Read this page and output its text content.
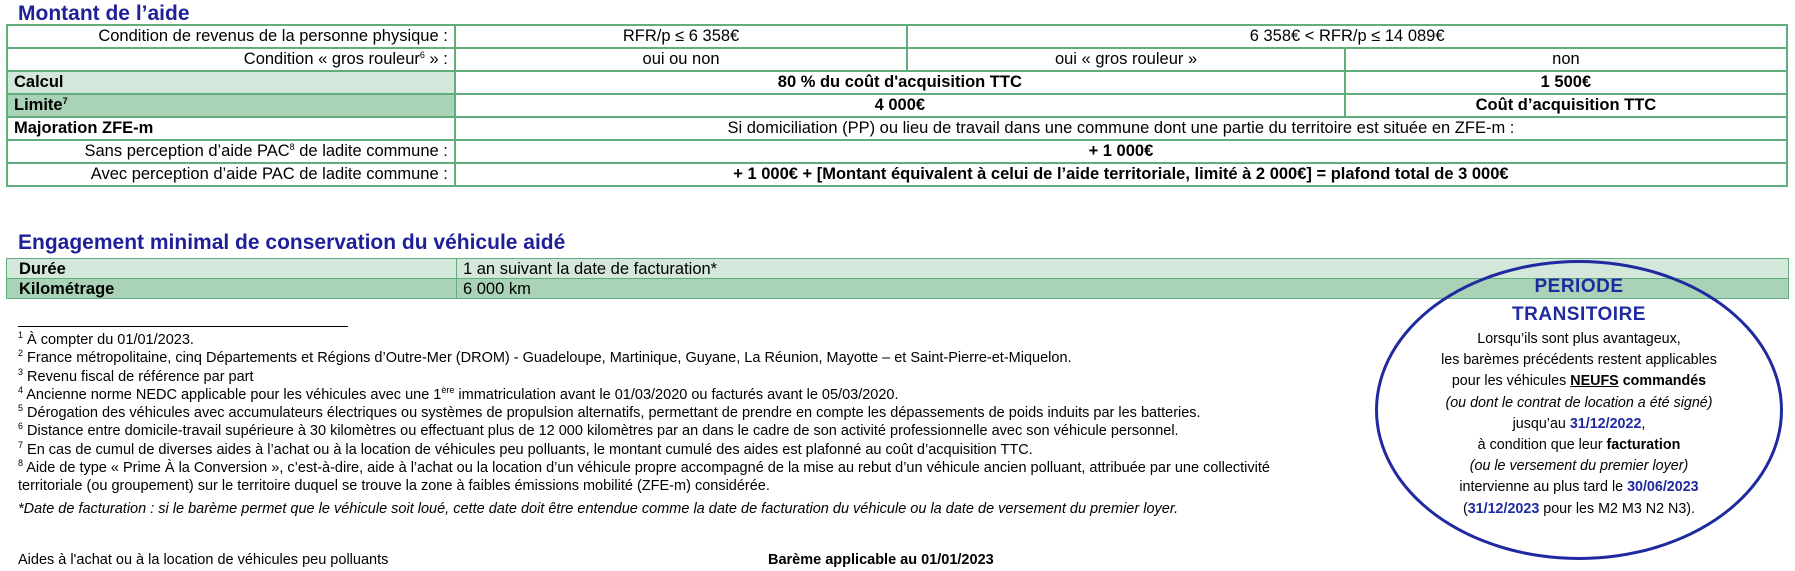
Montant de l’aide
Condition de revenus de la personne physique :	RFR/p ≤ 6 358€	6 358€ < RFR/p ≤ 14 089€	
Condition « gros rouleur$^6$ » :	oui ou non	oui « gros rouleur »	non
Calcul	80 % du coût d'acquisition TTC		1 500€
Limite$^7$	4 000€		Coût d’acquisition TTC
Majoration ZFE-m	Si domiciliation (PP) ou lieu de travail dans une commune dont une partie du territoire est située en ZFE-m :		
Sans perception d’aide PAC$^8$ de ladite commune :	+ 1 000€		
Avec perception d’aide PAC de ladite commune :	+ 1 000€ + [Montant équivalent à celui de l’aide territoriale, limité à 2 000€] = plafond total de 3 000€		
Engagement minimal de conservation du véhicule aidé
Durée	1 an suivant la date de facturation*
Kilométrage	6 000 km
$^1$ À compter du 01/01/2023.
$^2$ France métropolitaine, cinq Départements et Régions d’Outre-Mer (DROM) - Guadeloupe, Martinique, Guyane, La Réunion, Mayotte – et Saint-Pierre-et-Miquelon.
$^3$ Revenu fiscal de référence par part
$^4$ Ancienne norme NEDC applicable pour les véhicules avec une 1ère immatriculation avant le 01/03/2020 ou facturés avant le 05/03/2020.
$^5$ Dérogation des véhicules avec accumulateurs électriques ou systèmes de propulsion alternatifs, permettant de prendre en compte les dépassements de poids induits par les batteries.
$^6$ Distance entre domicile-travail supérieure à 30 kilomètres ou effectuant plus de 12 000 kilomètres par an dans le cadre de son activité professionnelle avec son véhicule personnel.
$^7$ En cas de cumul de diverses aides à l’achat ou à la location de véhicules peu polluants, le montant cumulé des aides est plafonné au coût d’acquisition TTC.
$^8$ Aide de type « Prime À la Conversion », c’est-à-dire, aide à l’achat ou la location d’un véhicule propre accompagné de la mise au rebut d’un véhicule ancien polluant, attribuée par une collectivité territoriale (ou groupement) sur le territoire duquel se trouve la zone à faibles émissions mobilité (ZFE-m) considérée.
*Date de facturation : si le barème permet que le véhicule soit loué, cette date doit être entendue comme la date de facturation du véhicule ou la date de versement du premier loyer.
Aides à l'achat ou à la location de véhicules peu polluants	Barème applicable au 01/01/2023
PERIODE
TRANSITOIRE
Lorsqu’ils sont plus avantageux,
les barèmes précédents restent applicables
pour les véhicules NEUFS commandés
(ou dont le contrat de location a été signé)
jusqu’au 31/12/2022,
à condition que leur facturation
(ou le versement du premier loyer)
intervienne au plus tard le 30/06/2023
(31/12/2023 pour les M2 M3 N2 N3).
